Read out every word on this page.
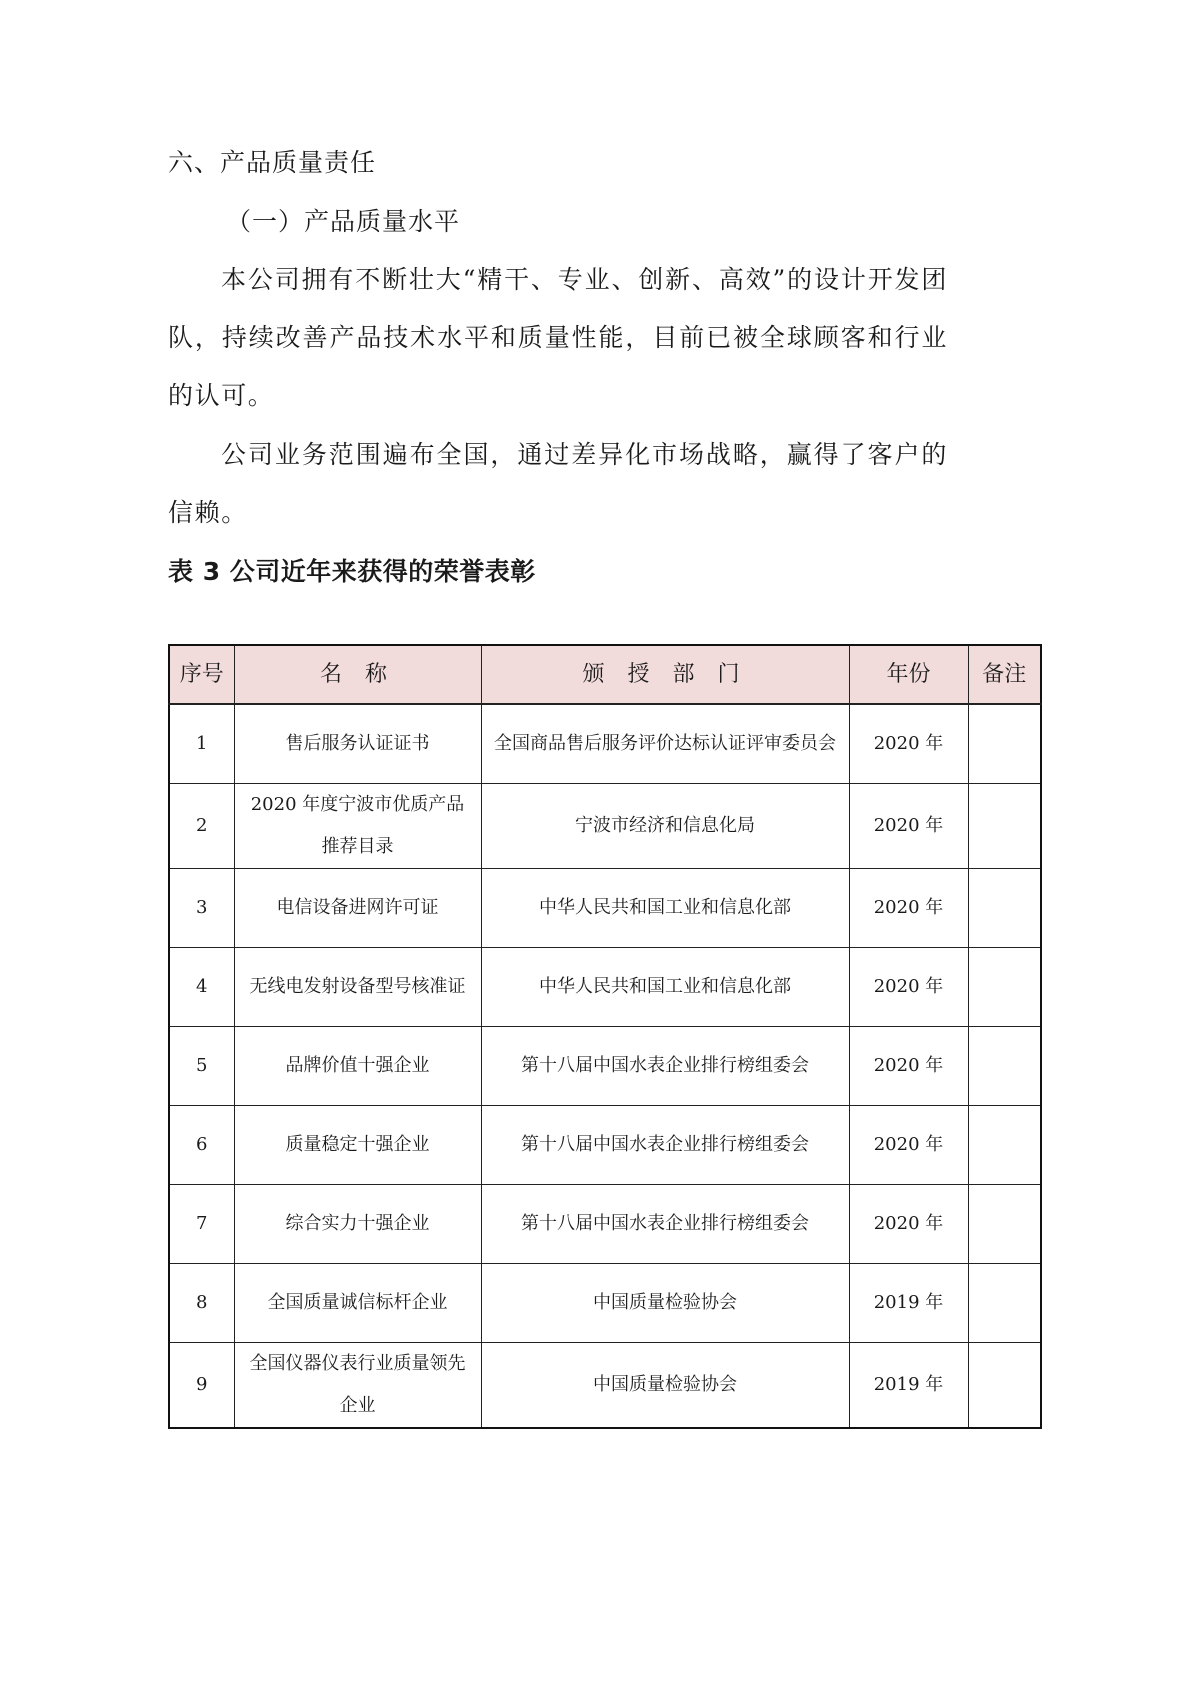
六、产品质量责任
（一）产品质量水平

本公司拥有不断壮大“精干、专业、创新、高效”的设计开发团队，持续改善产品技术水平和质量性能，目前已被全球顾客和行业的认可。

公司业务范围遍布全国，通过差异化市场战略，赢得了客户的信赖。

表 3 公司近年来获得的荣誉表彰
序号	名 称	颁 授 部 门	年份	备注
1	售后服务认证证书	全国商品售后服务评价达标认证评审委员会	2020 年	
2	2020 年度宁波市优质产品推荐目录	宁波市经济和信息化局	2020 年	
3	电信设备进网许可证	中华人民共和国工业和信息化部	2020 年	
4	无线电发射设备型号核准证	中华人民共和国工业和信息化部	2020 年	
5	品牌价值十强企业	第十八届中国水表企业排行榜组委会	2020 年	
6	质量稳定十强企业	第十八届中国水表企业排行榜组委会	2020 年	
7	综合实力十强企业	第十八届中国水表企业排行榜组委会	2020 年	
8	全国质量诚信标杆企业	中国质量检验协会	2019 年	
9	全国仪器仪表行业质量领先企业	中国质量检验协会	2019 年	
